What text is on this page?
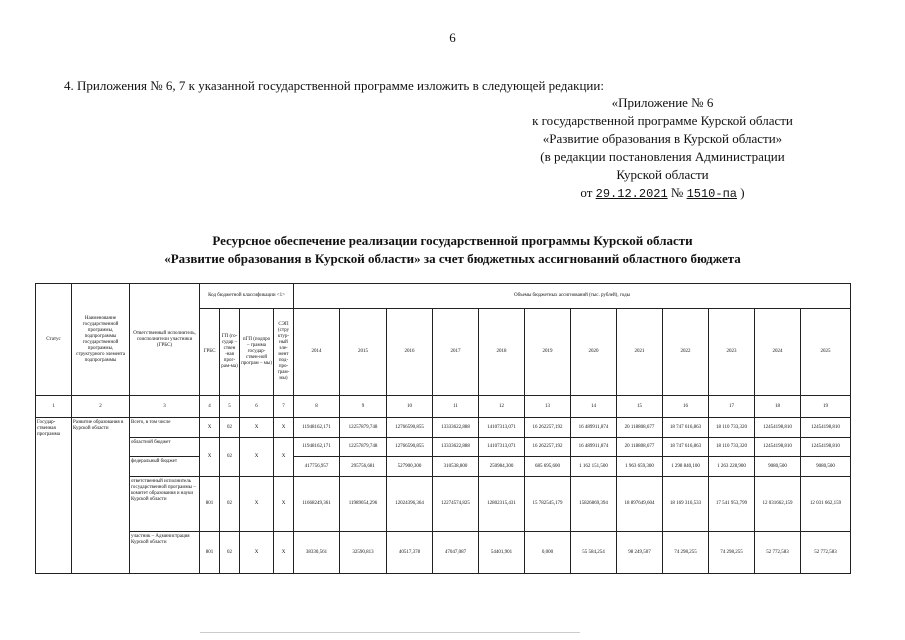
6
4. Приложения № 6, 7 к указанной государственной программе изложить в следующей редакции:
«Приложение № 6
к государственной программе Курской области
«Развитие образования в Курской области»
(в редакции постановления Администрации
Курской области
от 29.12.2021 № 1510-па )
Ресурсное обеспечение реализации государственной программы Курской области
«Развитие образования в Курской области» за счет бюджетных ассигнований областного бюджета
Статус	Наименование государственной программы, подпрограммы государственной программы, структурного элемента подпрограммы	Ответственный исполнитель, соисполнители участники (ГРБС)	Код бюджетной классификации <1>				Объемы бюджетных ассигнований (тыс. рублей), годы											
			ГРБС	ГП (го-судар – ствен -ная прог-рам-ма)	пГП (подпро – грамма государ-ствен-ной програм – мы)	СЭП (стру ктур-ный эле-мент под-про-грам-мы)	2014	2015	2016	2017	2018	2019	2020	2021	2022	2023	2024	2025
1	2	3	4	5	6	7	8	9	10	11	12	13	14	15	16	17	18	19
Государ-ственная программа	Развитие образования в Курской области	Всего, в том числе	Х	02	Х	Х	11948162,171	12257879,748	12766590,855	13333622,888	14107313,071	16 262257,192	16 489911,874	20 118808,677	18 747 616,863	18 110 733,320	12454198,810	12454198,810
		областной бюджет	Х	02	Х	Х	11948162,171	12257879,748	12766590,855	13333622,888	14107313,071	16 262257,192	16 489911,874	20 118808,677	18 747 616,863	18 110 733,320	12454198,810	12454198,810
		федеральный бюджет					417756,957	295756,681	527900,300	310538,800	250984,300	685 695,600	1 162 151,500	1 963 659,300	1 298 840,100	1 263 228,900	9080,500	9080,500
		ответственный исполнитель государственной программы – комитет образования и науки Курской области	801	02	Х	Х	11668249,361	11989054,296	12024396,364	12274574,825	12802315,431	15 782545,179	15826869,394	18 897649,604	18 169 316,533	17 541 953,799	12 031662,159	12 031 662,159
		участник – Администрация Курской области	801	02	Х	Х	38330,561	32590,813	40517,378	47047,087	54401,901	0,000	55 584,254	98 249,507	74 298,255	74 298,255	52 772,583	52 772,583
